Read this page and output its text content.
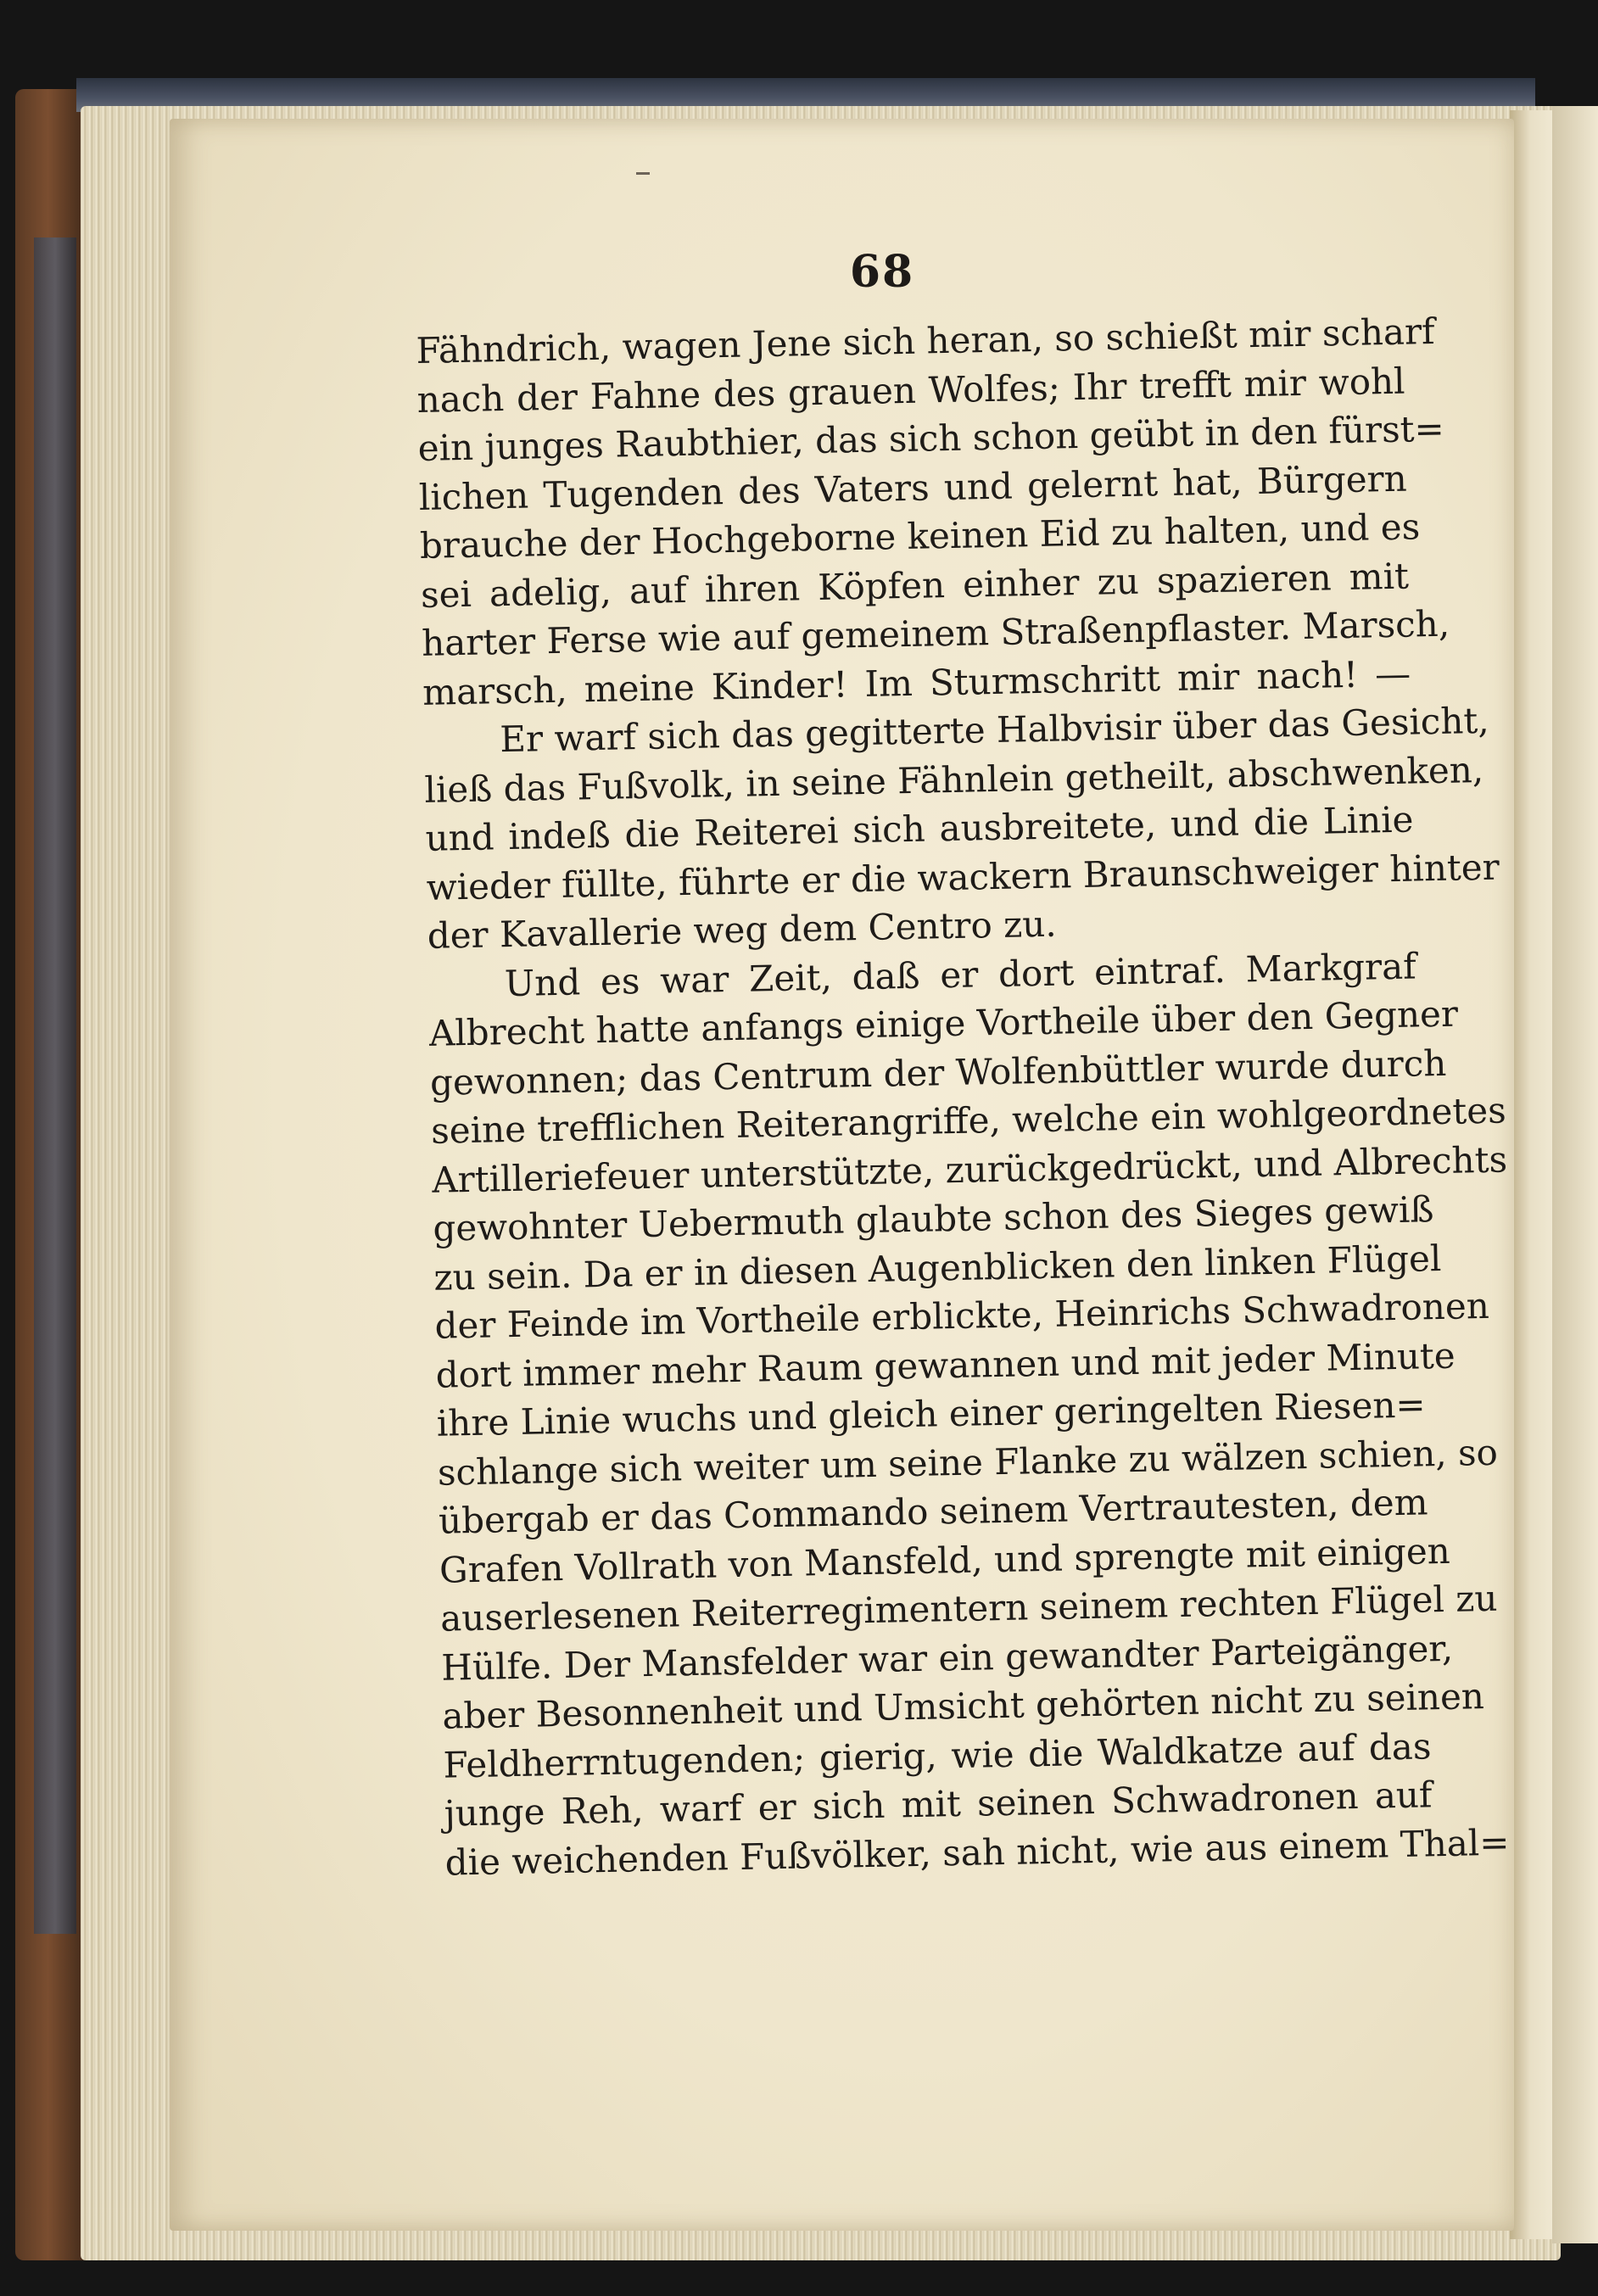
68
Fähndrich, wagen Jene sich heran, so schießt mir scharf
nach der Fahne des grauen Wolfes; Ihr trefft mir wohl
ein junges Raubthier, das sich schon geübt in den fürst=
lichen Tugenden des Vaters und gelernt hat, Bürgern
brauche der Hochgeborne keinen Eid zu halten, und es
sei adelig, auf ihren Köpfen einher zu spazieren mit
harter Ferse wie auf gemeinem Straßenpflaster. Marsch,
marsch, meine Kinder! Im Sturmschritt mir nach! —
Er warf sich das gegitterte Halbvisir über das Gesicht,
ließ das Fußvolk, in seine Fähnlein getheilt, abschwenken,
und indeß die Reiterei sich ausbreitete, und die Linie
wieder füllte, führte er die wackern Braunschweiger hinter
der Kavallerie weg dem Centro zu.
Und es war Zeit, daß er dort eintraf. Markgraf
Albrecht hatte anfangs einige Vortheile über den Gegner
gewonnen; das Centrum der Wolfenbüttler wurde durch
seine trefflichen Reiterangriffe, welche ein wohlgeordnetes
Artilleriefeuer unterstützte, zurückgedrückt, und Albrechts
gewohnter Uebermuth glaubte schon des Sieges gewiß
zu sein. Da er in diesen Augenblicken den linken Flügel
der Feinde im Vortheile erblickte, Heinrichs Schwadronen
dort immer mehr Raum gewannen und mit jeder Minute
ihre Linie wuchs und gleich einer geringelten Riesen=
schlange sich weiter um seine Flanke zu wälzen schien, so
übergab er das Commando seinem Vertrautesten, dem
Grafen Vollrath von Mansfeld, und sprengte mit einigen
auserlesenen Reiterregimentern seinem rechten Flügel zu
Hülfe. Der Mansfelder war ein gewandter Parteigänger,
aber Besonnenheit und Umsicht gehörten nicht zu seinen
Feldherrntugenden; gierig, wie die Waldkatze auf das
junge Reh, warf er sich mit seinen Schwadronen auf
die weichenden Fußvölker, sah nicht, wie aus einem Thal=
